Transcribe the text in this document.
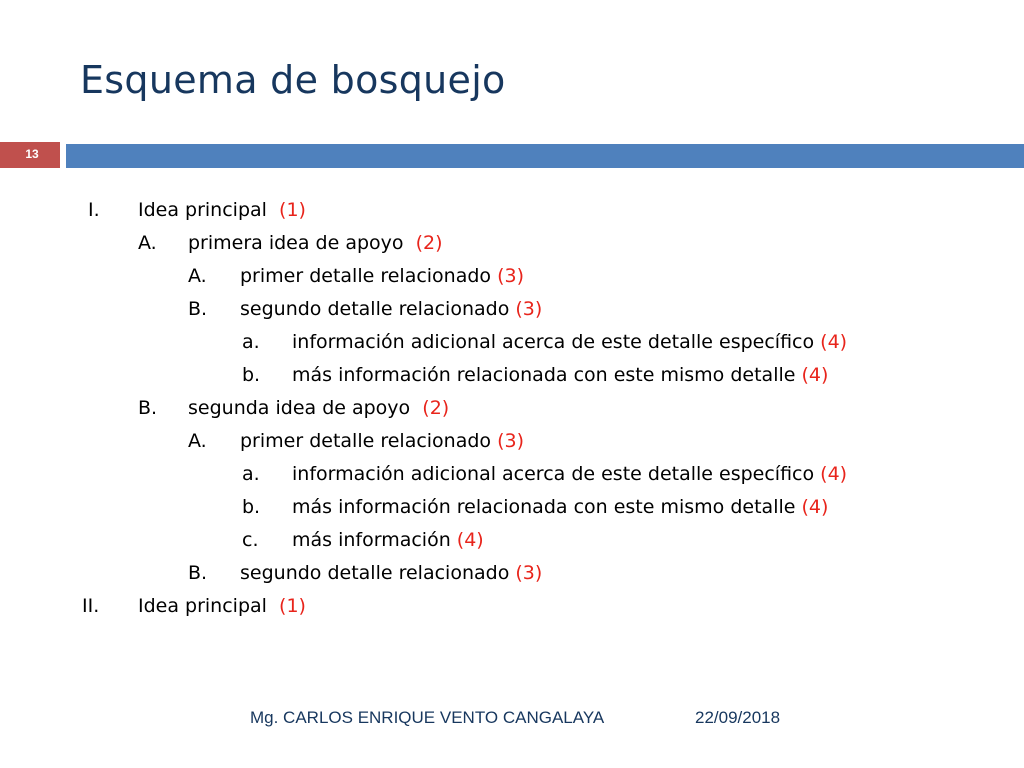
Esquema de bosquejo
13
I. Idea principal (1)
A. primera idea de apoyo (2)
A. primer detalle relacionado (3)
B. segundo detalle relacionado (3)
a. información adicional acerca de este detalle específico (4)
b. más información relacionada con este mismo detalle (4)
B. segunda idea de apoyo (2)
A. primer detalle relacionado (3)
a. información adicional acerca de este detalle específico (4)
b. más información relacionada con este mismo detalle (4)
c. más información (4)
B. segundo detalle relacionado (3)
II. Idea principal (1)
Mg. CARLOS ENRIQUE VENTO CANGALAYA	22/09/2018
